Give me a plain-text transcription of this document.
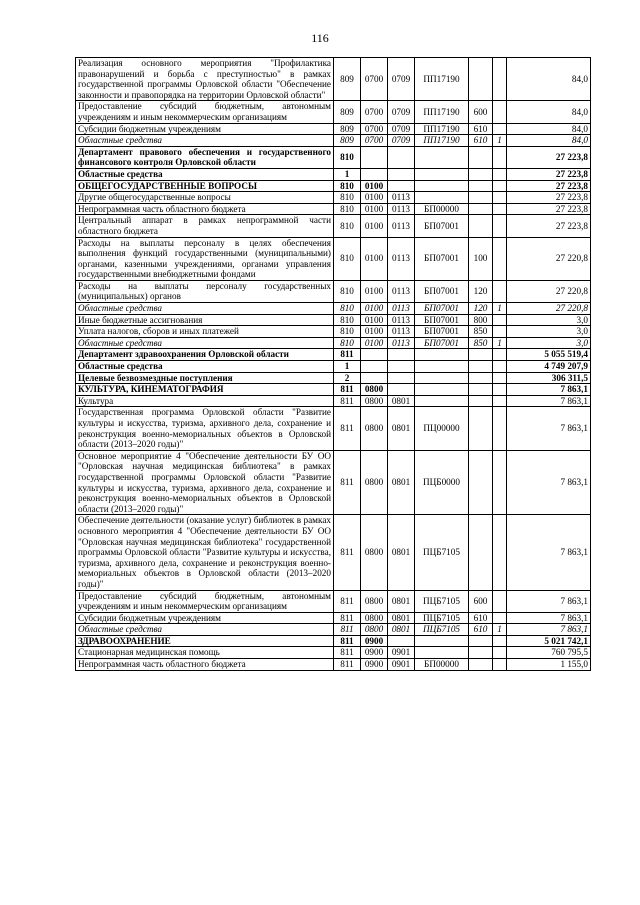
116
Реализация основного мероприятия "Профилактика правонарушений и борьба с преступностью" в рамках государственной программы Орловской области "Обеспечение законности и правопорядка на территории Орловской области"	809	0700	0709	ПП17190			84,0
Предоставление субсидий бюджетным, автономным учреждениям и иным некоммерческим организациям	809	0700	0709	ПП17190	600		84,0
Субсидии бюджетным учреждениям	809	0700	0709	ПП17190	610		84,0
Областные средства	809	0700	0709	ПП17190	610	1	84,0
Департамент правового обеспечения и государственного финансового контроля Орловской области	810						27 223,8
Областные средства	1						27 223,8
ОБЩЕГОСУДАРСТВЕННЫЕ ВОПРОСЫ	810	0100					27 223,8
Другие общегосударственные вопросы	810	0100	0113				27 223,8
Непрограммная часть областного бюджета	810	0100	0113	БП00000			27 223,8
Центральный аппарат в рамках непрограммной части областного бюджета	810	0100	0113	БП07001			27 223,8
Расходы на выплаты персоналу в целях обеспечения выполнения функций государственными (муниципальными) органами, казенными учреждениями, органами управления государственными внебюджетными фондами	810	0100	0113	БП07001	100		27 220,8
Расходы на выплаты персоналу государственных (муниципальных) органов	810	0100	0113	БП07001	120		27 220,8
Областные средства	810	0100	0113	БП07001	120	1	27 220,8
Иные бюджетные ассигнования	810	0100	0113	БП07001	800		3,0
Уплата налогов, сборов и иных платежей	810	0100	0113	БП07001	850		3,0
Областные средства	810	0100	0113	БП07001	850	1	3,0
Департамент здравоохранения Орловской области	811						5 055 519,4
Областные средства	1						4 749 207,9
Целевые безвозмездные поступления	2						306 311,5
КУЛЬТУРА, КИНЕМАТОГРАФИЯ	811	0800					7 863,1
Культура	811	0800	0801				7 863,1
Государственная программа Орловской области "Развитие культуры и искусства, туризма, архивного дела, сохранение и реконструкция военно-мемориальных объектов в Орловской области (2013–2020 годы)"	811	0800	0801	ПЦ00000			7 863,1
Основное мероприятие 4 "Обеспечение деятельности БУ ОО "Орловская научная медицинская библиотека" в рамках государственной программы Орловской области "Развитие культуры и искусства, туризма, архивного дела, сохранение и реконструкция военно-мемориальных объектов в Орловской области (2013–2020 годы)"	811	0800	0801	ПЦБ0000			7 863,1
Обеспечение деятельности (оказание услуг) библиотек в рамках основного мероприятия 4 "Обеспечение деятельности БУ ОО "Орловская научная медицинская библиотека" государственной программы Орловской области "Развитие культуры и искусства, туризма, архивного дела, сохранение и реконструкция военно-мемориальных объектов в Орловской области (2013–2020 годы)"	811	0800	0801	ПЦБ7105			7 863,1
Предоставление субсидий бюджетным, автономным учреждениям и иным некоммерческим организациям	811	0800	0801	ПЦБ7105	600		7 863,1
Субсидии бюджетным учреждениям	811	0800	0801	ПЦБ7105	610		7 863,1
Областные средства	811	0800	0801	ПЦБ7105	610	1	7 863,1
ЗДРАВООХРАНЕНИЕ	811	0900					5 021 742,1
Стационарная медицинская помощь	811	0900	0901				760 795,5
Непрограммная часть областного бюджета	811	0900	0901	БП00000			1 155,0
